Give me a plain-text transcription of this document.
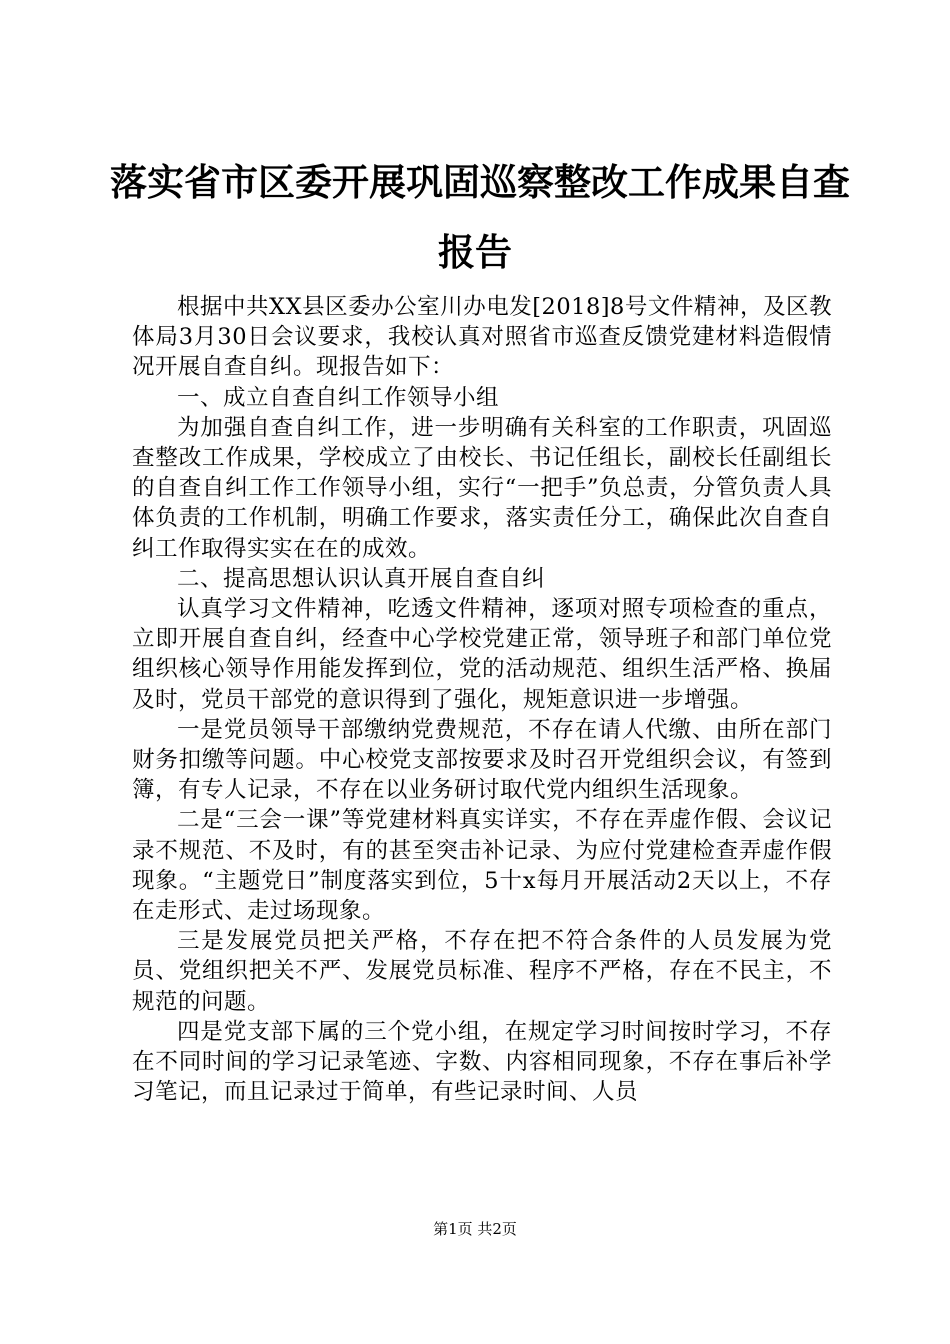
落实省市区委开展巩固巡察整改工作成果自查
报告

根据中共XX县区委办公室川办电发[2018]8号文件精神，及区教体局3月30日会议要求，我校认真对照省市巡查反馈党建材料造假情况开展自查自纠。现报告如下：

一、成立自查自纠工作领导小组

为加强自查自纠工作，进一步明确有关科室的工作职责，巩固巡查整改工作成果，学校成立了由校长、书记任组长，副校长任副组长的自查自纠工作工作领导小组，实行“一把手”负总责，分管负责人具体负责的工作机制，明确工作要求，落实责任分工，确保此次自查自纠工作取得实实在在的成效。

二、提高思想认识认真开展自查自纠

认真学习文件精神，吃透文件精神，逐项对照专项检查的重点，立即开展自查自纠，经查中心学校党建正常，领导班子和部门单位党组织核心领导作用能发挥到位，党的活动规范、组织生活严格、换届及时，党员干部党的意识得到了强化，规矩意识进一步增强。

一是党员领导干部缴纳党费规范，不存在请人代缴、由所在部门财务扣缴等问题。中心校党支部按要求及时召开党组织会议，有签到簿，有专人记录，不存在以业务研讨取代党内组织生活现象。

二是“三会一课”等党建材料真实详实，不存在弄虚作假、会议记录不规范、不及时，有的甚至突击补记录、为应付党建检查弄虚作假现象。“主题党日”制度落实到位，5十x每月开展活动2天以上，不存在走形式、走过场现象。

三是发展党员把关严格，不存在把不符合条件的人员发展为党员、党组织把关不严、发展党员标准、程序不严格，存在不民主，不规范的问题。

四是党支部下属的三个党小组，在规定学习时间按时学习，不存在不同时间的学习记录笔迹、字数、内容相同现象，不存在事后补学习笔记，而且记录过于简单，有些记录时间、人员

第1页 共2页
